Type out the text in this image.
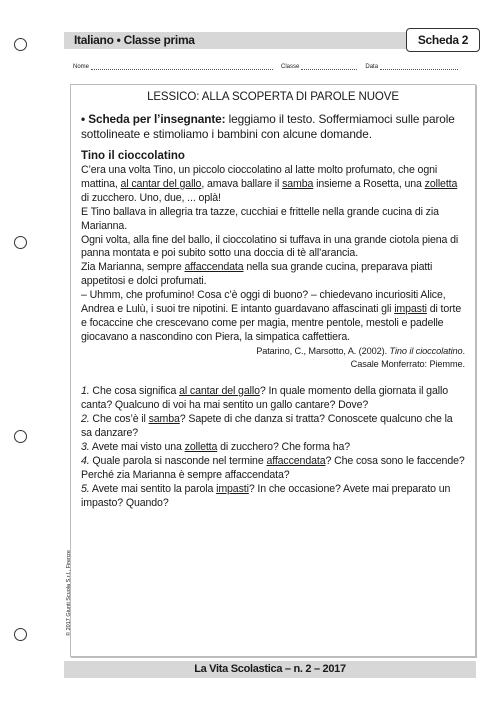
Italiano • Classe prima	Scheda 2
Nome	Classe	Data
LESSICO: ALLA SCOPERTA DI PAROLE NUOVE

• Scheda per l’insegnante: leggiamo il testo. Soffermiamoci sulle parole sottolineate e stimoliamo i bambini con alcune domande.

Tino il cioccolatino

C’era una volta Tino, un piccolo cioccolatino al latte molto profumato, che ogni mattina, al cantar del gallo, amava ballare il samba insieme a Rosetta, una zolletta di zucchero. Uno, due, ... oplà!

E Tino ballava in allegria tra tazze, cucchiai e frittelle nella grande cucina di zia Marianna.

Ogni volta, alla fine del ballo, il cioccolatino si tuffava in una grande ciotola piena di panna montata e poi subito sotto una doccia di tè all’arancia.

Zia Marianna, sempre affaccendata nella sua grande cucina, preparava piatti appetitosi e dolci profumati.

– Uhmm, che profumino! Cosa c’è oggi di buono? – chiedevano incuriositi Alice, Andrea e Lulù, i suoi tre nipotini. E intanto guardavano affascinati gli impasti di torte e focaccine che crescevano come per magia, mentre pentole, mestoli e padelle giocavano a nascondino con Piera, la simpatica caffettiera.

Patarino, C., Marsotto, A. (2002). Tino il cioccolatino.
Casale Monferrato: Piemme.

1. Che cosa significa al cantar del gallo? In quale momento della giornata il gallo canta? Qualcuno di voi ha mai sentito un gallo cantare? Dove?

2. Che cos’è il samba? Sapete di che danza si tratta? Conoscete qualcuno che la sa danzare?

3. Avete mai visto una zolletta di zucchero? Che forma ha?

4. Quale parola si nasconde nel termine affaccendata? Che cosa sono le faccende? Perché zia Marianna è sempre affaccendata?

5. Avete mai sentito la parola impasti? In che occasione? Avete mai preparato un impasto? Quando?

© 2017 Giunti Scuola S.r.l., Firenze
La Vita Scolastica – n. 2 – 2017
